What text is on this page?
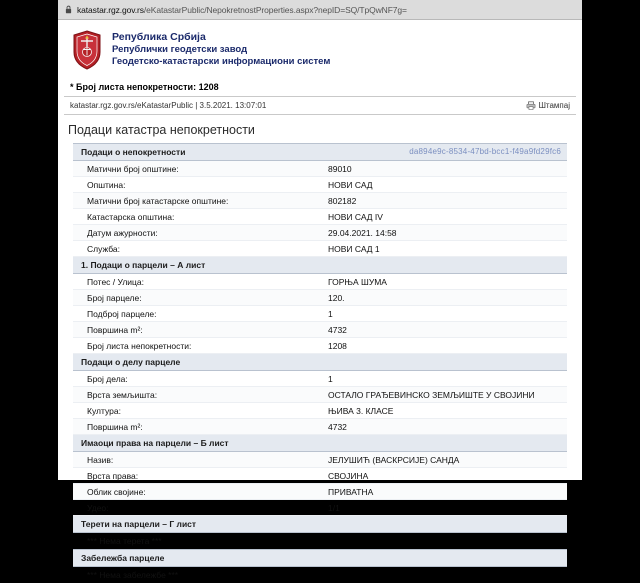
katastar.rgz.gov.rs/eKatastarPublic/NepokretnostProperties.aspx?nepID=SQ/TpQwNF7g=
Република Србија
Републички геодетски завод
Геодетско-катастарски информациони систем
* Број листа непокретности: 1208
katastar.rgz.gov.rs/eKatastarPublic | 3.5.2021. 13:07:01	Штампај
Подаци катастра непокретности
Подаци о непокретности da894e9c-8534-47bd-bcc1-f49a9fd29fc6	

Матични број општине:	89010
Општина:	НОВИ САД
Матични број катастарске општине:	802182
Катастарска општина:	НОВИ САД IV
Датум ажурности:	29.04.2021. 14:58
Служба:	НОВИ САД 1
1. Подаци о парцели – А лист	
Потес / Улица:	ГОРЊА ШУМА
Број парцеле:	120.
Подброј парцеле:	1
Површина m²:	4732
Број листа непокретности:	1208
Подаци о делу парцеле	
Број дела:	1
Врста земљишта:	ОСТАЛО ГРАЂЕВИНСКО ЗЕМЉИШТЕ У СВОЈИНИ
Култура:	ЊИВА 3. КЛАСЕ
Површина m²:	4732
Имаоци права на парцели – Б лист	
Назив:	ЈЕЛУШИЋ (ВАСКРСИЈЕ) САНДА
Врста права:	СВОЈИНА
Облик својине:	ПРИВАТНА
Удео:	1/1
Терети на парцели – Г лист	
*** Нема терета ***	
Забележба парцеле	
*** Нема забележбе ***	
